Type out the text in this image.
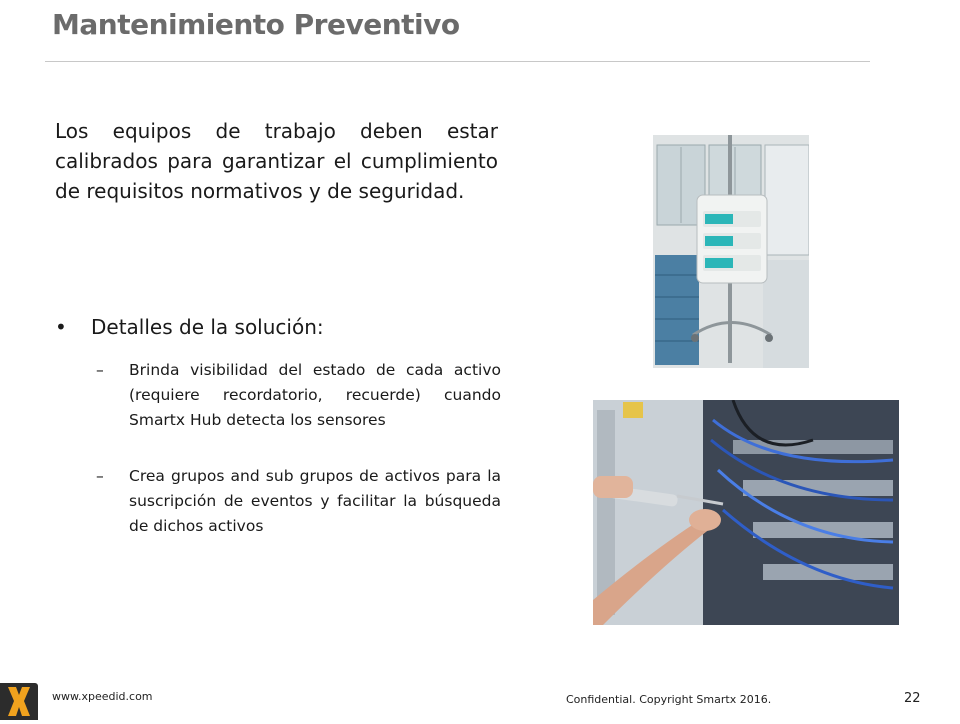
Mantenimiento Preventivo
Los equipos de trabajo deben estar calibrados para garantizar el cumplimiento de requisitos normativos y de seguridad.
• Detalles de la solución:
– Brinda visibilidad del estado de cada activo (requiere recordatorio, recuerde) cuando Smartx Hub detecta los sensores
– Crea grupos and sub grupos de activos para la suscripción de eventos y facilitar la búsqueda de dichos activos
www.xpeedid.com	Confidential. Copyright Smartx 2016.	22
